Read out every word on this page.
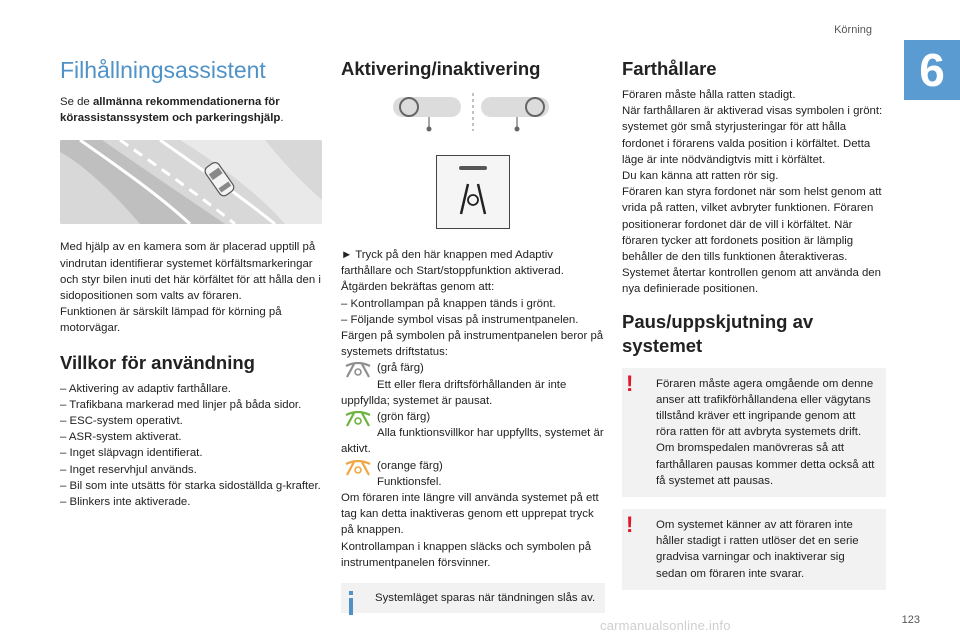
Körning
6

Filhållningsassistent

Se de allmänna rekommendationerna för körassistanssystem och parkeringshjälp.

Med hjälp av en kamera som är placerad upptill på vindrutan identifierar systemet körfältsmarkeringar och styr bilen inuti det här körfältet för att hålla den i sidopositionen som valts av föraren.

Funktionen är särskilt lämpad för körning på motorvägar.

Villkor för användning

– Aktivering av adaptiv farthållare.

– Trafikbana markerad med linjer på båda sidor.

– ESC-system operativt.

– ASR-system aktiverat.

– Inget släpvagn identifierat.

– Inget reservhjul används.

– Bil som inte utsätts för starka sidoställda g-krafter.

– Blinkers inte aktiverade.

Aktivering/inaktivering

► Tryck på den här knappen med Adaptiv farthållare och Start/stoppfunktion aktiverad.

Åtgärden bekräftas genom att:

– Kontrollampan på knappen tänds i grönt.

– Följande symbol visas på instrumentpanelen.

Färgen på symbolen på instrumentpanelen beror på systemets driftstatus:

(grå färg)

Ett eller flera driftsförhållanden är inte uppfyllda; systemet är pausat.

(grön färg)

Alla funktionsvillkor har uppfyllts, systemet är aktivt.

(orange färg)

Funktionsfel.

Om föraren inte längre vill använda systemet på ett tag kan detta inaktiveras genom ett upprepat tryck på knappen.

Kontrollampan i knappen släcks och symbolen på instrumentpanelen försvinner.

Systemläget sparas när tändningen slås av.

Farthållare

Föraren måste hålla ratten stadigt.

När farthållaren är aktiverad visas symbolen i grönt: systemet gör små styrjusteringar för att hålla fordonet i förarens valda position i körfältet. Detta läge är inte nödvändigtvis mitt i körfältet.

Du kan känna att ratten rör sig.

Föraren kan styra fordonet när som helst genom att vrida på ratten, vilket avbryter funktionen. Föraren positionerar fordonet där de vill i körfältet. När föraren tycker att fordonets position är lämplig behåller de den tills funktionen återaktiveras. Systemet återtar kontrollen genom att använda den nya definierade positionen.

Paus/uppskjutning av systemet

!	Föraren måste agera omgående om denne anser att trafikförhållandena eller vägytans tillstånd kräver ett ingripande genom att röra ratten för att avbryta systemets drift. Om bromspedalen manövreras så att farthållaren pausas kommer detta också att få systemet att pausas.
!	Om systemet känner av att föraren inte håller stadigt i ratten utlöser det en serie gradvisa varningar och inaktiverar sig sedan om föraren inte svarar.
carmanualsonline.info	123
